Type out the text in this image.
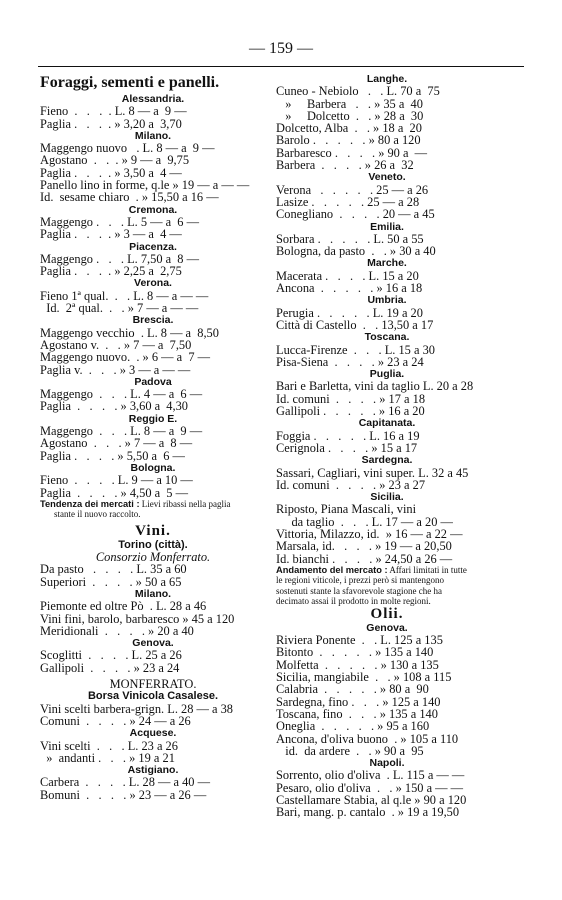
— 159 —
Foraggi, sementi e panelli.
Alessandria.
Fieno  .   .   .  . L. 8 — a  9 —
Paglia .   .   .  . » 3,20 a  3,70
Milano.
Maggengo nuovo   . L. 8 — a  9 —
Agostano  .   .  . » 9 — a  9,75
Paglia .   .   .  . » 3,50 a  4 —
Panello lino in forme, q.le » 19 — a — —
Id.  sesame chiaro  . » 15,50 a 16 —
Cremona.
Maggengo .   .   . L. 5 — a  6 —
Paglia .   .   .  . » 3 — a  4 —
Piacenza.
Maggengo .   .   . L. 7,50 a  8 —
Paglia .   .   .  . » 2,25 a  2,75
Verona.
Fieno 1ª qual.  .   . L. 8 — a — —
Id.  2ª qual.  .   . » 7 — a — —
Brescia.
Maggengo vecchio  . L. 8 — a  8,50
Agostano v.  .   . » 7 — a  7,50
Maggengo nuovo.  . » 6 — a  7 —
Paglia v.  .   .   . » 3 — a — —
Padova
Maggengo  .   .   . L. 4 — a  6 —
Paglia  .   .   .   . » 3,60 a  4,30
Reggio E.
Maggengo  .   .   . L. 8 — a  9 —
Agostano  .   .   . » 7 — a  8 —
Paglia .   .   .   . » 5,50 a  6 —
Bologna.
Fieno  .   .   .   . L. 9 — a 10 —
Paglia  .   .   .   . » 4,50 a  5 —
Tendenza dei mercati : Lievi ribassi nella paglia
stante il nuovo raccolto.
Vini.
Torino (città).
Consorzio Monferrato.
Da pasto   .   .   .   . L. 35 a 60
Superiori  .   .   .   . » 50 a 65
Milano.
Piemonte ed oltre Pò  . L. 28 a 46
Vini fini, barolo, barbaresco » 45 a 120
Meridionali  .   .   .   . » 20 a 40
Genova.
Scoglitti  .   .   .   . L. 25 a 26
Gallipoli  .   .   .   . » 23 a 24
MONFERRATO.
Borsa Vinicola Casalese.
Vini scelti barbera-grign. L. 28 — a 38
Comuni  .   .   .   . » 24 — a 26
Acquese.
Vini scelti  .   .   . L. 23 a 26
»  andanti .   .   . » 19 a 21
Astigiano.
Carbera  .   .   .   . L. 28 — a 40 —
Bomuni  .   .   .   . » 23 — a 26 —
Langhe.
Cuneo - Nebiolo   .   . L. 70 a  75
»     Barbera   .   . » 35 a  40
»     Dolcetto  .   . » 28 a  30
Dolcetto, Alba  .   . » 18 a  20
Barolo .   .   .   .   . » 80 a 120
Barbaresco .   .   .   . » 90 a  —
Barbera  .   .   .   . » 26 a  32
Veneto.
Verona   .   .   .   .   . 25 — a 26
Lasize .   .   .   .   . 25 — a 28
Conegliano  .   .   .   . 20 — a 45
Emilia.
Sorbara .   .   .   .   . L. 50 a 55
Bologna, da pasto  .   . » 30 a 40
Marche.
Macerata .   .   .   . L. 15 a 20
Ancona  .   .   .   .   . » 16 a 18
Umbria.
Perugia .   .   .   .   . L. 19 a 20
Città di Castello  .   . 13,50 a 17
Toscana.
Lucca-Firenze  .   .   . L. 15 a 30
Pisa-Siena  .   .   .   . » 23 a 24
Puglia.
Bari e Barletta, vini da taglio L. 20 a 28
Id. comuni  .   .   .   . » 17 a 18
Gallipoli .   .   .   .   . » 16 a 20
Capitanata.
Foggia .   .   .   .   . L. 16 a 19
Cerignola .   .   .   . » 15 a 17
Sardegna.
Sassari, Cagliari, vini super. L. 32 a 45
Id. comuni  .   .   .   . » 23 a 27
Sicilia.
Riposto, Piana Mascali, vini
da taglio  .   .   . L. 17 — a 20 —
Vittoria, Milazzo, id.  » 16 — a 22 —
Marsala, id.   .   .   . » 19 — a 20,50
Id. bianchi .   .   .   . » 24,50 a 26 —
Andamento del mercato : Affari limitati in tutte
le regioni viticole, i prezzi però si mantengono
sostenuti stante la sfavorevole stagione che ha
decimato assai il prodotto in molte regioni.
Olii.
Genova.
Riviera Ponente  .   . L. 125 a 135
Bitonto  .   .   .   .   . » 135 a 140
Molfetta  .   .   .   .   . » 130 a 135
Sicilia, mangiabile  .   . » 108 a 115
Calabria  .   .   .   .   . » 80 a  90
Sardegna, fino .   .   . » 125 a 140
Toscana, fino  .   .   . » 135 a 140
Oneglia  .   .   .   .   . » 95 a 160
Ancona, d'oliva buono  . » 105 a 110
id.  da ardere  .   . » 90 a  95
Napoli.
Sorrento, olio d'oliva  . L. 115 a — —
Pesaro, olio d'oliva  .   . » 150 a — —
Castellamare Stabia, al q.le » 90 a 120
Bari, mang. p. cantalo  . » 19 a 19,50
